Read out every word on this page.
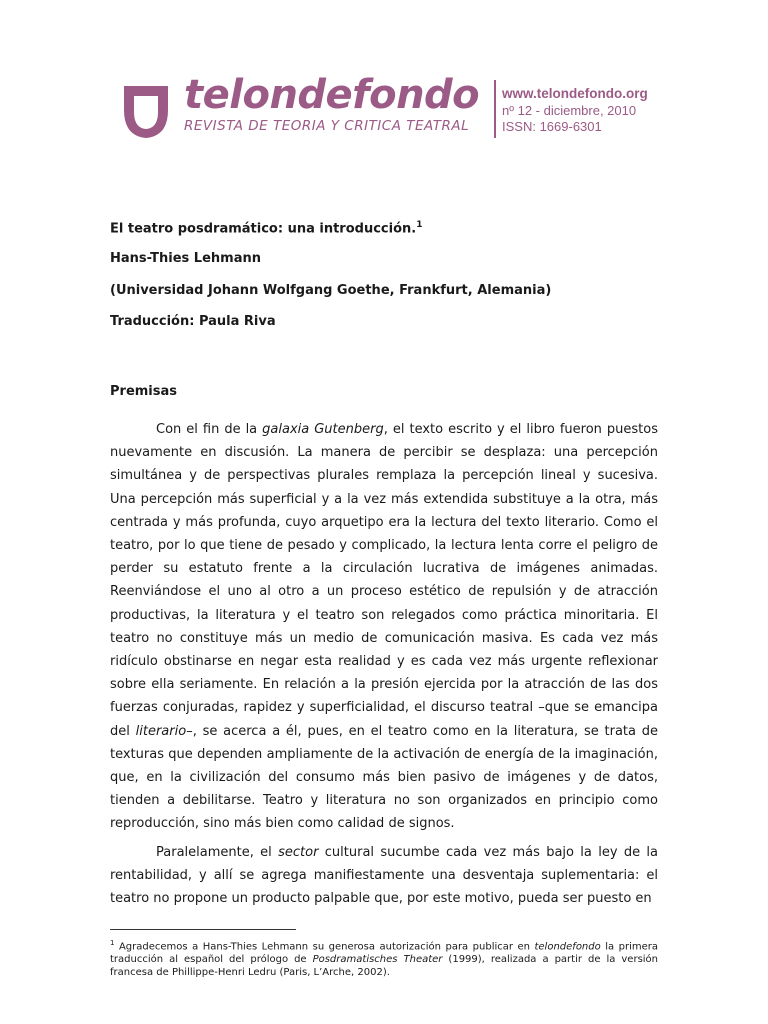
telondefondo
REVISTA DE TEORIA Y CRITICA TEATRAL
www.telondefondo.org
nº 12 - diciembre, 2010
ISSN: 1669-6301
El teatro posdramático: una introducción.$^1$
Hans-Thies Lehmann
(Universidad Johann Wolfgang Goethe, Frankfurt, Alemania)
Traducción: Paula Riva
Premisas
Con el fin de la galaxia Gutenberg, el texto escrito y el libro fueron puestos nuevamente en discusión. La manera de percibir se desplaza: una percepción simultánea y de perspectivas plurales remplaza la percepción lineal y sucesiva. Una percepción más superficial y a la vez más extendida substituye a la otra, más centrada y más profunda, cuyo arquetipo era la lectura del texto literario. Como el teatro, por lo que tiene de pesado y complicado, la lectura lenta corre el peligro de perder su estatuto frente a la circulación lucrativa de imágenes animadas. Reenviándose el uno al otro a un proceso estético de repulsión y de atracción productivas, la literatura y el teatro son relegados como práctica minoritaria. El teatro no constituye más un medio de comunicación masiva. Es cada vez más ridículo obstinarse en negar esta realidad y es cada vez más urgente reflexionar sobre ella seriamente. En relación a la presión ejercida por la atracción de las dos fuerzas conjuradas, rapidez y superficialidad, el discurso teatral –que se emancipa del literario–, se acerca a él, pues, en el teatro como en la literatura, se trata de texturas que dependen ampliamente de la activación de energía de la imaginación, que, en la civilización del consumo más bien pasivo de imágenes y de datos, tienden a debilitarse. Teatro y literatura no son organizados en principio como reproducción, sino más bien como calidad de signos.
Paralelamente, el sector cultural sucumbe cada vez más bajo la ley de la rentabilidad, y allí se agrega manifiestamente una desventaja suplementaria: el teatro no propone un producto palpable que, por este motivo, pueda ser puesto en
$^1$ Agradecemos a Hans-Thies Lehmann su generosa autorización para publicar en telondefondo la primera traducción al español del prólogo de Posdramatisches Theater (1999), realizada a partir de la versión francesa de Phillippe-Henri Ledru (Paris, L’Arche, 2002).
